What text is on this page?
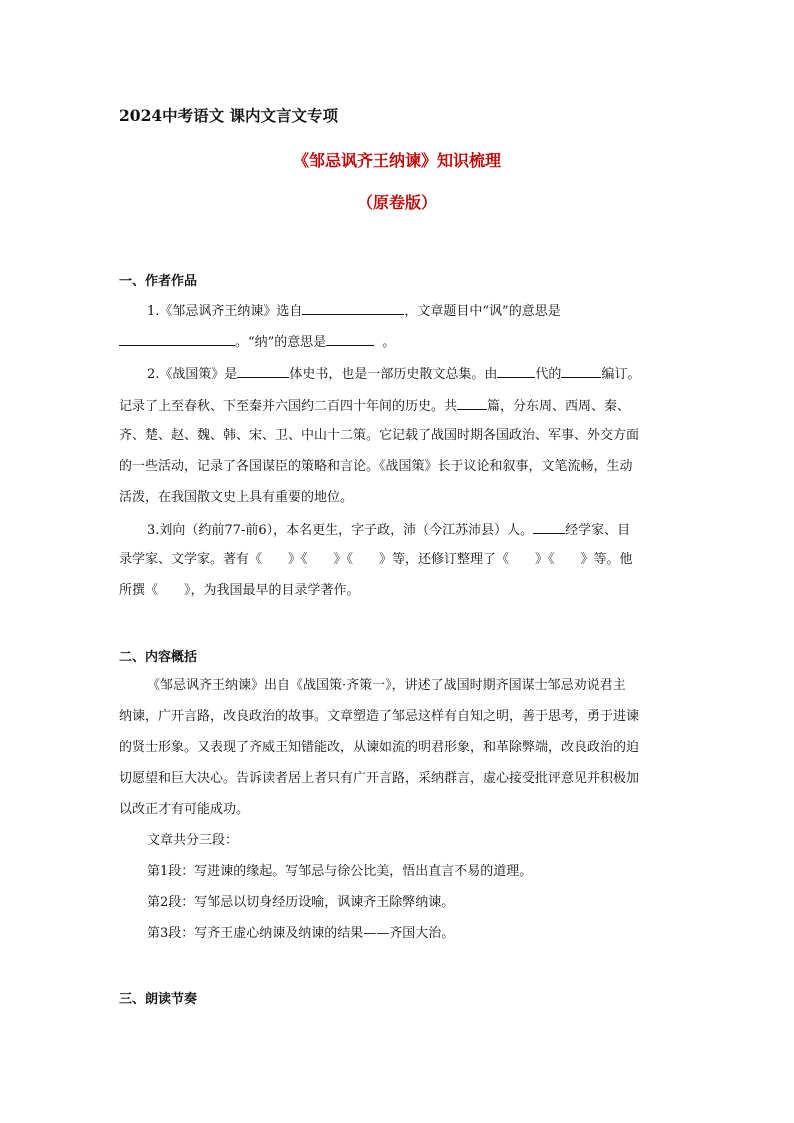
2024中考语文 课内文言文专项
《邹忌讽齐王纳谏》知识梳理
（原卷版）
一、作者作品
1.《邹忌讽齐王纳谏》选自	，文章题目中“讽”的意思是
。“纳”的意思是	。
2.《战国策》是	体史书，也是一部历史散文总集。由	代的	编订。
记录了上至春秋、下至秦并六国约二百四十年间的历史。共 篇，分东周、西周、秦、
齐、楚、赵、魏、韩、宋、卫、中山十二策。它记载了战国时期各国政治、军事、外交方面
的一些活动，记录了各国谋臣的策略和言论。《战国策》长于议论和叙事，文笔流畅，生动
活泼，在我国散文史上具有重要的地位。
3.刘向（约前77-前6），本名更生，字子政，沛（今江苏沛县）人。 经学家、目
录学家、文学家。著有《　　》《　　》《　　》等，还修订整理了《　　》《　　》等。他
所撰《　　》，为我国最早的目录学著作。
二、内容概括
《邹忌讽齐王纳谏》出自《战国策·齐策一》，讲述了战国时期齐国谋士邹忌劝说君主
纳谏，广开言路，改良政治的故事。文章塑造了邹忌这样有自知之明，善于思考，勇于进谏
的贤士形象。又表现了齐威王知错能改，从谏如流的明君形象，和革除弊端，改良政治的迫
切愿望和巨大决心。告诉读者居上者只有广开言路，采纳群言，虚心接受批评意见并积极加
以改正才有可能成功。
文章共分三段：
第1段：写进谏的缘起。写邹忌与徐公比美，悟出直言不易的道理。
第2段：写邹忌以切身经历设喻，讽谏齐王除弊纳谏。
第3段：写齐王虚心纳谏及纳谏的结果——齐国大治。
三、朗读节奏
